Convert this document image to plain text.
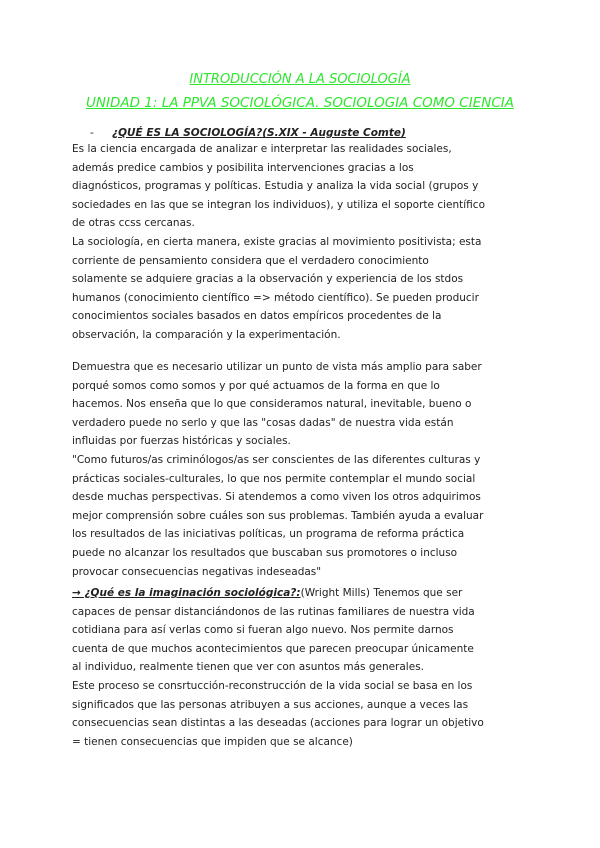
INTRODUCCIÓN A LA SOCIOLOGÍA
UNIDAD 1: LA PPVA SOCIOLÓGICA. SOCIOLOGIA COMO CIENCIA
- ¿QUÉ ES LA SOCIOLOGÍA?(S.XIX - Auguste Comte)
Es la ciencia encargada de analizar e interpretar las realidades sociales,
además predice cambios y posibilita intervenciones gracias a los
diagnósticos, programas y políticas. Estudia y analiza la vida social (grupos y
sociedades en las que se integran los individuos), y utiliza el soporte científico
de otras ccss cercanas.
La sociología, en cierta manera, existe gracias al movimiento positivista; esta
corriente de pensamiento considera que el verdadero conocimiento
solamente se adquiere gracias a la observación y experiencia de los stdos
humanos (conocimiento científico => método científico). Se pueden producir
conocimientos sociales basados en datos empíricos procedentes de la
observación, la comparación y la experimentación.
Demuestra que es necesario utilizar un punto de vista más amplio para saber
porqué somos como somos y por qué actuamos de la forma en que lo
hacemos. Nos enseña que lo que consideramos natural, inevitable, bueno o
verdadero puede no serlo y que las "cosas dadas" de nuestra vida están
influidas por fuerzas históricas y sociales.
"Como futuros/as criminólogos/as ser conscientes de las diferentes culturas y
prácticas sociales-culturales, lo que nos permite contemplar el mundo social
desde muchas perspectivas. Si atendemos a como viven los otros adquirimos
mejor comprensión sobre cuáles son sus problemas. También ayuda a evaluar
los resultados de las iniciativas políticas, un programa de reforma práctica
puede no alcanzar los resultados que buscaban sus promotores o incluso
provocar consecuencias negativas indeseadas"
→ ¿Qué es la imaginación sociológica?:(Wright Mills) Tenemos que ser
capaces de pensar distanciándonos de las rutinas familiares de nuestra vida
cotidiana para así verlas como si fueran algo nuevo. Nos permite darnos
cuenta de que muchos acontecimientos que parecen preocupar únicamente
al individuo, realmente tienen que ver con asuntos más generales.
Este proceso se consrtucción-reconstrucción de la vida social se basa en los
significados que las personas atribuyen a sus acciones, aunque a veces las
consecuencias sean distintas a las deseadas (acciones para lograr un objetivo
= tienen consecuencias que impiden que se alcance)
